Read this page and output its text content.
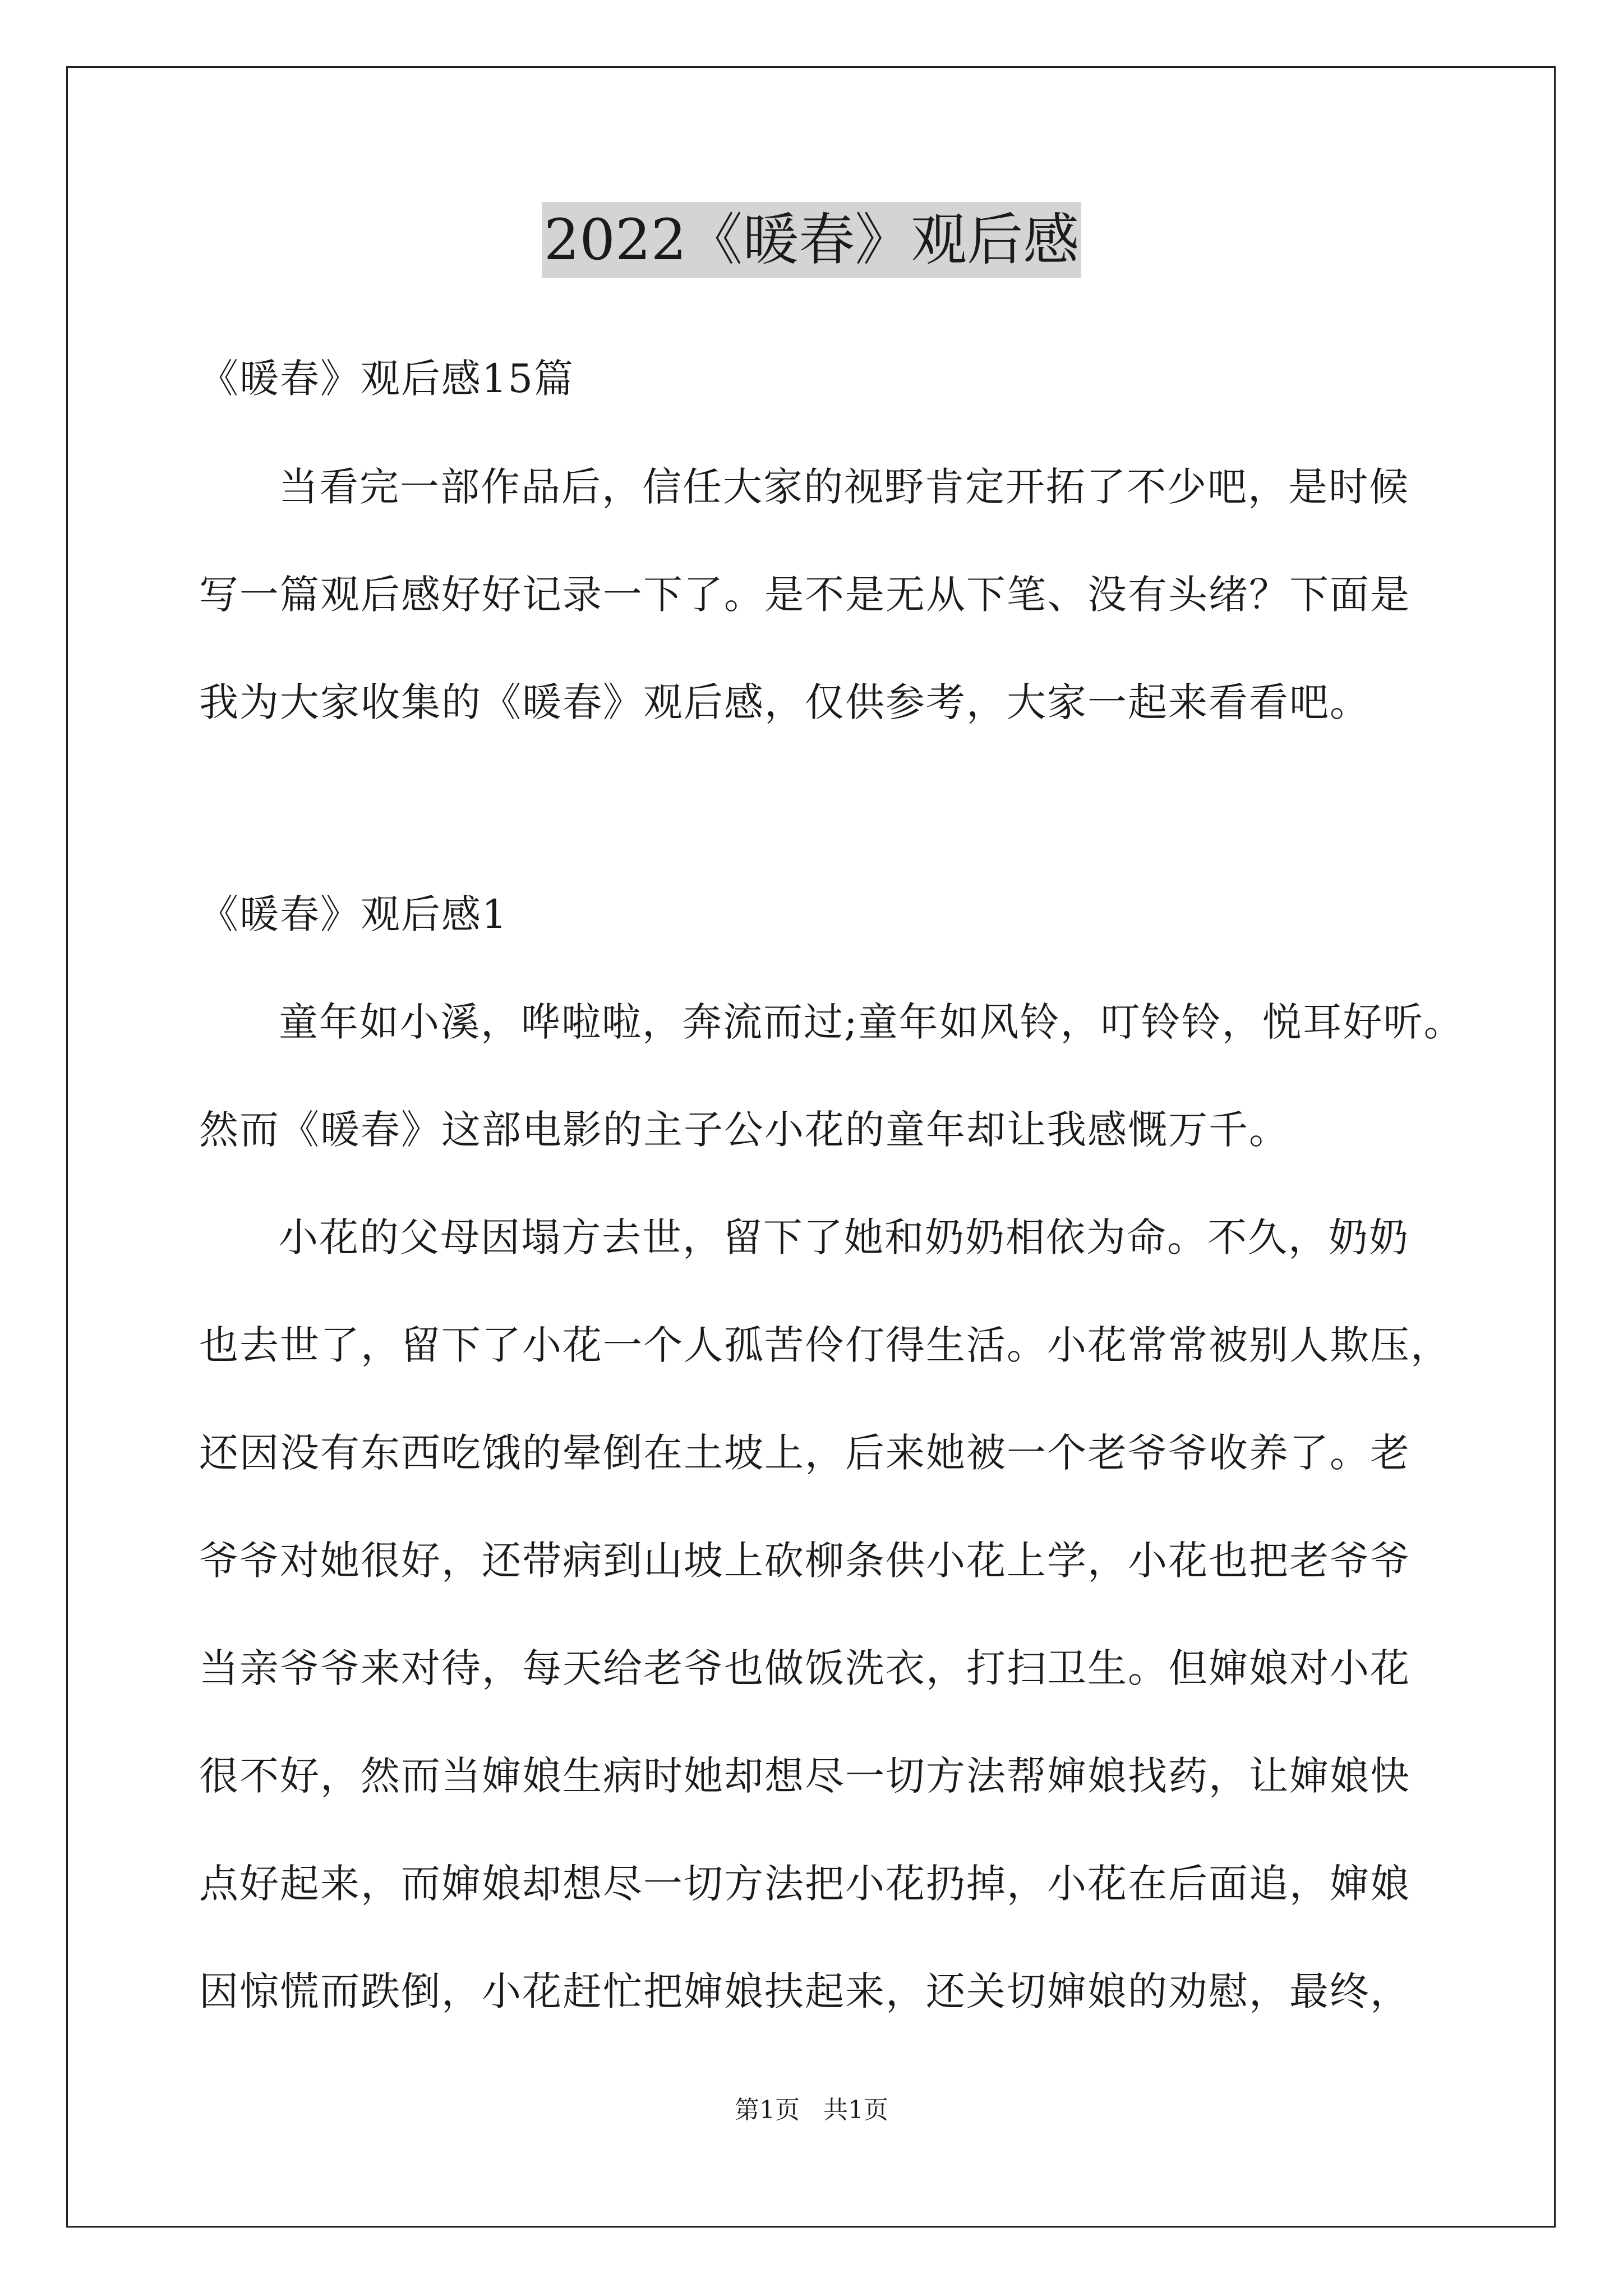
2022《暖春》观后感
《暖春》观后感15篇
当看完一部作品后，信任大家的视野肯定开拓了不少吧，是时候
写一篇观后感好好记录一下了。是不是无从下笔、没有头绪？下面是
我为大家收集的《暖春》观后感，仅供参考，大家一起来看看吧。
《暖春》观后感1
童年如小溪，哗啦啦，奔流而过;童年如风铃，叮铃铃，悦耳好听。
然而《暖春》这部电影的主子公小花的童年却让我感慨万千。
小花的父母因塌方去世，留下了她和奶奶相依为命。不久，奶奶
也去世了，留下了小花一个人孤苦伶仃得生活。小花常常被别人欺压，
还因没有东西吃饿的晕倒在土坡上，后来她被一个老爷爷收养了。老
爷爷对她很好，还带病到山坡上砍柳条供小花上学，小花也把老爷爷
当亲爷爷来对待，每天给老爷也做饭洗衣，打扫卫生。但婶娘对小花
很不好，然而当婶娘生病时她却想尽一切方法帮婶娘找药，让婶娘快
点好起来，而婶娘却想尽一切方法把小花扔掉，小花在后面追，婶娘
因惊慌而跌倒，小花赶忙把婶娘扶起来，还关切婶娘的劝慰，最终，
第1页   共1页
